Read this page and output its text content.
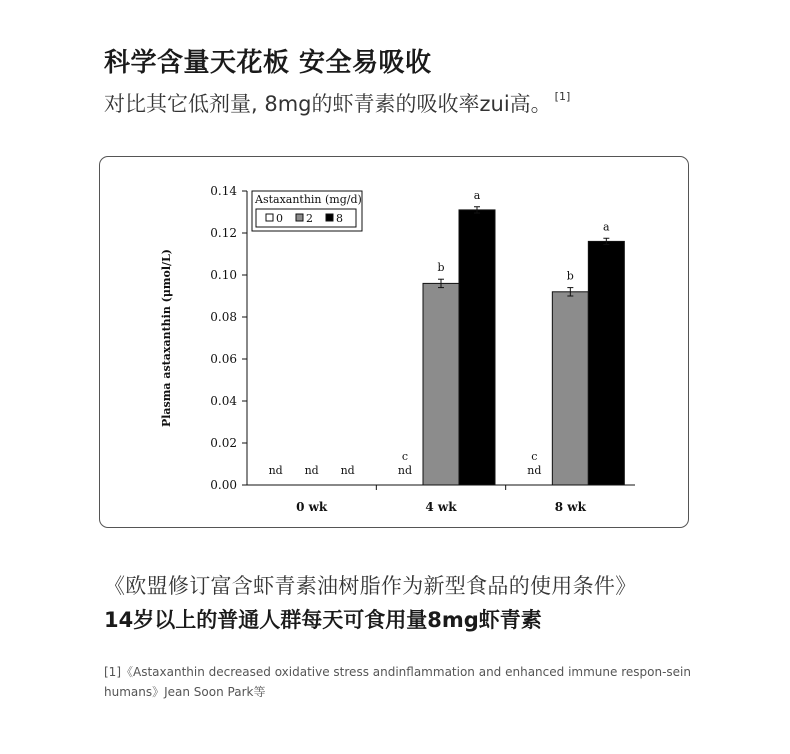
科学含量天花板 安全易吸收
对比其它低剂量, 8mg的虾青素的吸收率zui高。 [1]
0.00
0.02
0.04
0.06
0.08
0.10
0.12
0.14
Plasma astaxanthin (μmol/L)
0 wk
nd nd nd
4 wk
nd
c
b
a
8 wk
nd
c
b
a
Astaxanthin (mg/d)
0 2 8
《欧盟修订富含虾青素油树脂作为新型食品的使用条件》
14岁以上的普通人群每天可食用量8mg虾青素
[1]《Astaxanthin decreased oxidative stress andinflammation and enhanced immune respon-sein humans》Jean Soon Park等
